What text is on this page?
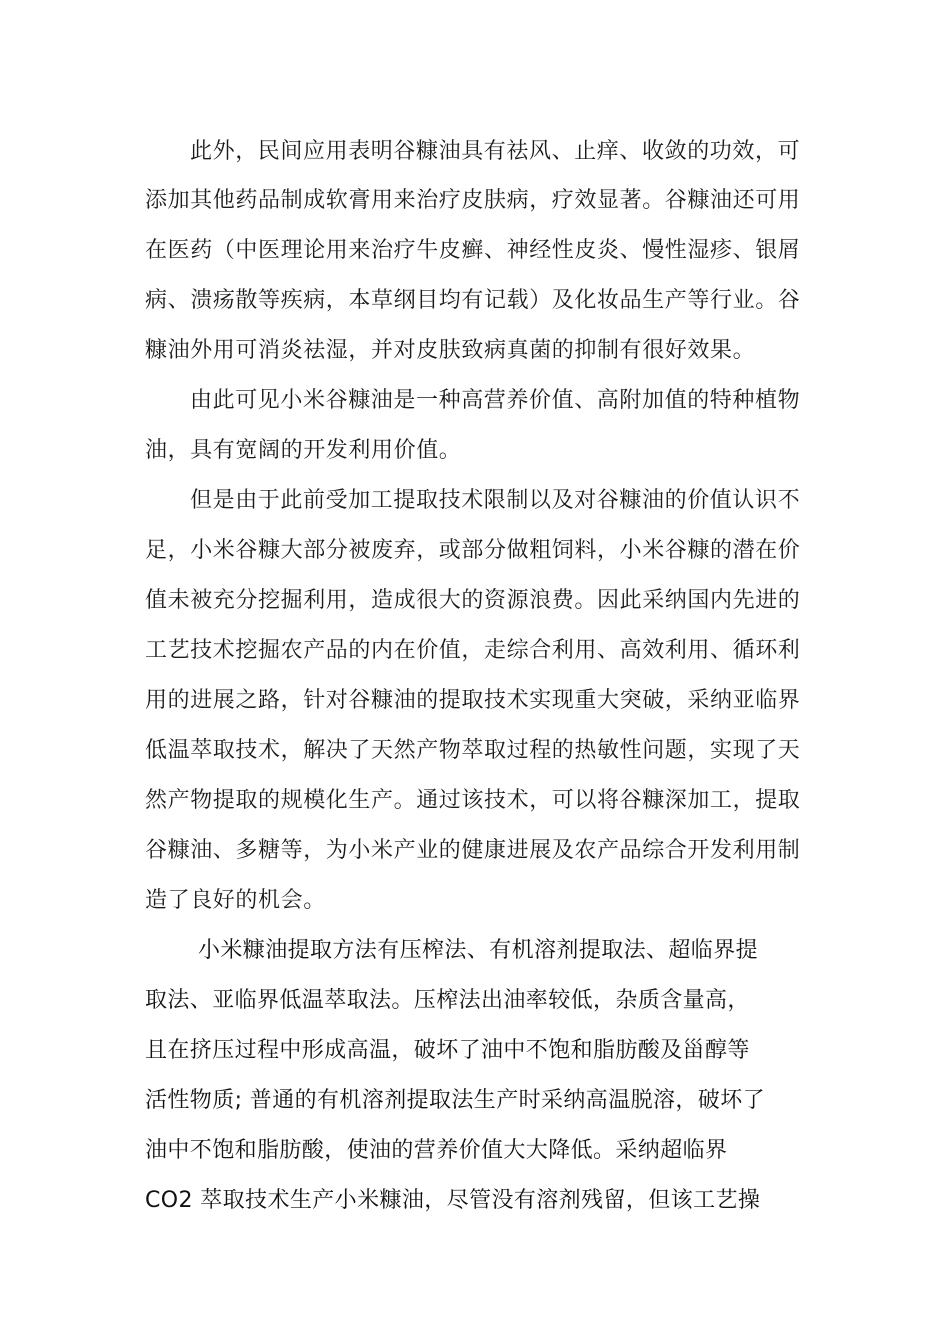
此外，民间应用表明谷糠油具有祛风、止痒、收敛的功效，可
添加其他药品制成软膏用来治疗皮肤病，疗效显著。谷糠油还可用
在医药（中医理论用来治疗牛皮癣、神经性皮炎、慢性湿疹、银屑
病、溃疡散等疾病，本草纲目均有记载）及化妆品生产等行业。谷
糠油外用可消炎祛湿，并对皮肤致病真菌的抑制有很好效果。
由此可见小米谷糠油是一种高营养价值、高附加值的特种植物
油，具有宽阔的开发利用价值。
但是由于此前受加工提取技术限制以及对谷糠油的价值认识不
足，小米谷糠大部分被废弃，或部分做粗饲料，小米谷糠的潜在价
值未被充分挖掘利用，造成很大的资源浪费。因此采纳国内先进的
工艺技术挖掘农产品的内在价值，走综合利用、高效利用、循环利
用的进展之路，针对谷糠油的提取技术实现重大突破，采纳亚临界
低温萃取技术，解决了天然产物萃取过程的热敏性问题，实现了天
然产物提取的规模化生产。通过该技术，可以将谷糠深加工，提取
谷糠油、多糖等，为小米产业的健康进展及农产品综合开发利用制
造了良好的机会。
小米糠油提取方法有压榨法、有机溶剂提取法、超临界提
取法、亚临界低温萃取法。压榨法出油率较低，杂质含量高，
且在挤压过程中形成高温，破坏了油中不饱和脂肪酸及甾醇等
活性物质; 普通的有机溶剂提取法生产时采纳高温脱溶，破坏了
油中不饱和脂肪酸，使油的营养价值大大降低。采纳超临界
CO2 萃取技术生产小米糠油，尽管没有溶剂残留，但该工艺操
